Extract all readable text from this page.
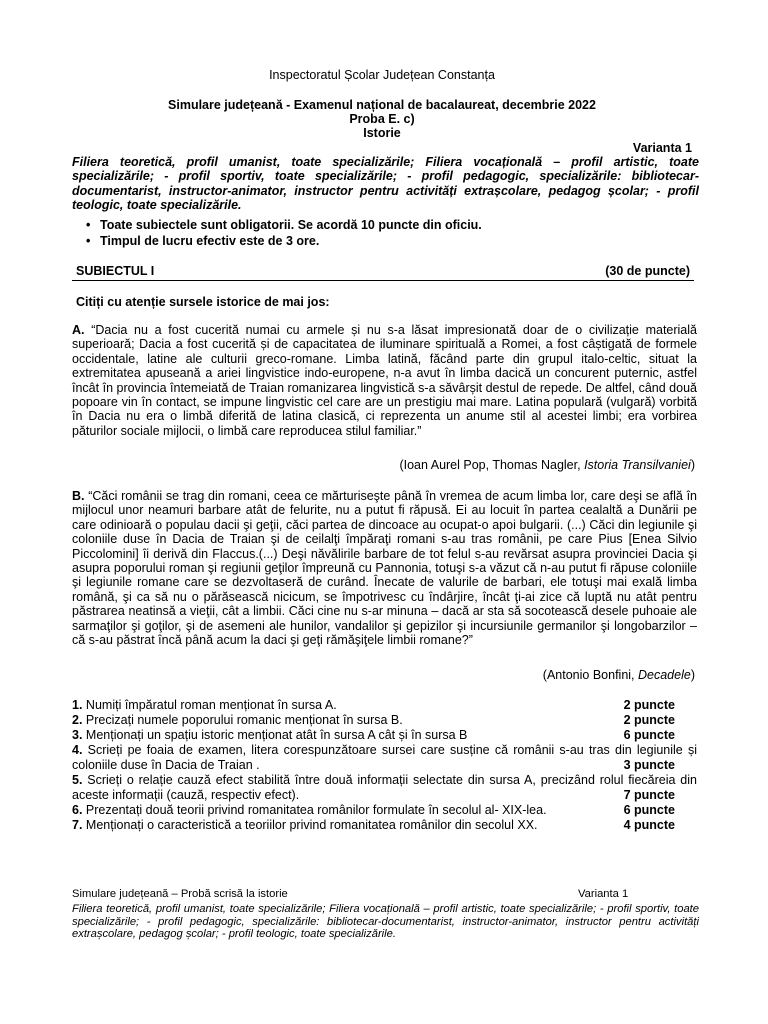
Inspectoratul Școlar Județean Constanța
Simulare județeană - Examenul național de bacalaureat, decembrie 2022
Proba E. c)
Istorie
Varianta 1
Filiera teoretică, profil umanist, toate specializările; Filiera vocațională – profil artistic, toate specializările; - profil sportiv, toate specializările; - profil pedagogic, specializările: bibliotecar-documentarist, instructor-animator, instructor pentru activități extrașcolare, pedagog școlar; - profil teologic, toate specializările.
• Toate subiectele sunt obligatorii. Se acordă 10 puncte din oficiu.
• Timpul de lucru efectiv este de 3 ore.
SUBIECTUL I	(30 de puncte)
Citiți cu atenție sursele istorice de mai jos:
A. “Dacia nu a fost cucerită numai cu armele și nu s-a lăsat impresionată doar de o civilizație materială superioară; Dacia a fost cucerită și de capacitatea de iluminare spirituală a Romei, a fost câștigată de formele occidentale, latine ale culturii greco-romane. Limba latină, făcând parte din grupul italo-celtic, situat la extremitatea apuseană a ariei lingvistice indo-europene, n-a avut în limba dacică un concurent puternic, astfel încât în provincia întemeiată de Traian romanizarea lingvistică s-a săvârșit destul de repede. De altfel, când două popoare vin în contact, se impune lingvistic cel care are un prestigiu mai mare. Latina populară (vulgară) vorbită în Dacia nu era o limbă diferită de latina clasică, ci reprezenta un anume stil al acestei limbi; era vorbirea păturilor sociale mijlocii, o limbă care reproducea stilul familiar.”
(Ioan Aurel Pop, Thomas Nagler, Istoria Transilvaniei)
B. “Căci românii se trag din romani, ceea ce mărturiseşte până în vremea de acum limba lor, care deşi se află în mijlocul unor neamuri barbare atât de felurite, nu a putut fi răpusă. Ei au locuit în partea cealaltă a Dunării pe care odinioară o populau dacii şi geţii, căci partea de dincoace au ocupat-o apoi bulgarii. (...) Căci din legiunile şi coloniile duse în Dacia de Traian şi de ceilalţi împăraţi romani s-au tras românii, pe care Pius [Enea Silvio Piccolomini] îi derivă din Flaccus.(...) Deşi năvălirile barbare de tot felul s-au revărsat asupra provinciei Dacia şi asupra poporului roman şi regiunii geţilor împreună cu Pannonia, totuşi s-a văzut că n-au putut fi răpuse coloniile şi legiunile romane care se dezvoltaseră de curând. Înecate de valurile de barbari, ele totuşi mai exală limba română, şi ca să nu o părăsească nicicum, se împotrivesc cu îndârjire, încât ţi-ai zice că luptă nu atât pentru păstrarea neatinsă a vieţii, cât a limbii. Căci cine nu s-ar minuna – dacă ar sta să socotească desele puhoaie ale sarmaţilor şi goţilor, şi de asemeni ale hunilor, vandalilor şi gepizilor şi incursiunile germanilor şi longobarzilor – că s-au păstrat încă până acum la daci şi geţi rămăşiţele limbii romane?”
(Antonio Bonfini, Decadele)
1. Numiți împăratul roman menționat în sursa A.	2 puncte
2. Precizați numele poporului romanic menționat în sursa B.	2 puncte
3. Menționați un spațiu istoric menționat atât în sursa A cât și în sursa B	6 puncte
4. Scrieți pe foaia de examen, litera corespunzătoare sursei care susține că românii s-au tras din legiunile și coloniile duse în Dacia de Traian .	3 puncte
5. Scrieți o relație cauză efect stabilită între două informații selectate din sursa A, precizând rolul fiecăreia din aceste informații (cauză, respectiv efect).	7 puncte
6. Prezentați două teorii privind romanitatea românilor formulate în secolul al- XIX-lea.	6 puncte
7. Menționați o caracteristică a teoriilor privind romanitatea românilor din secolul XX.	4 puncte
Simulare județeană – Probă scrisă la istorie	Varianta 1
Filiera teoretică, profil umanist, toate specializările; Filiera vocațională – profil artistic, toate specializările; - profil sportiv, toate specializările; - profil pedagogic, specializările: bibliotecar-documentarist, instructor-animator, instructor pentru activități extrașcolare, pedagog școlar; - profil teologic, toate specializările.
